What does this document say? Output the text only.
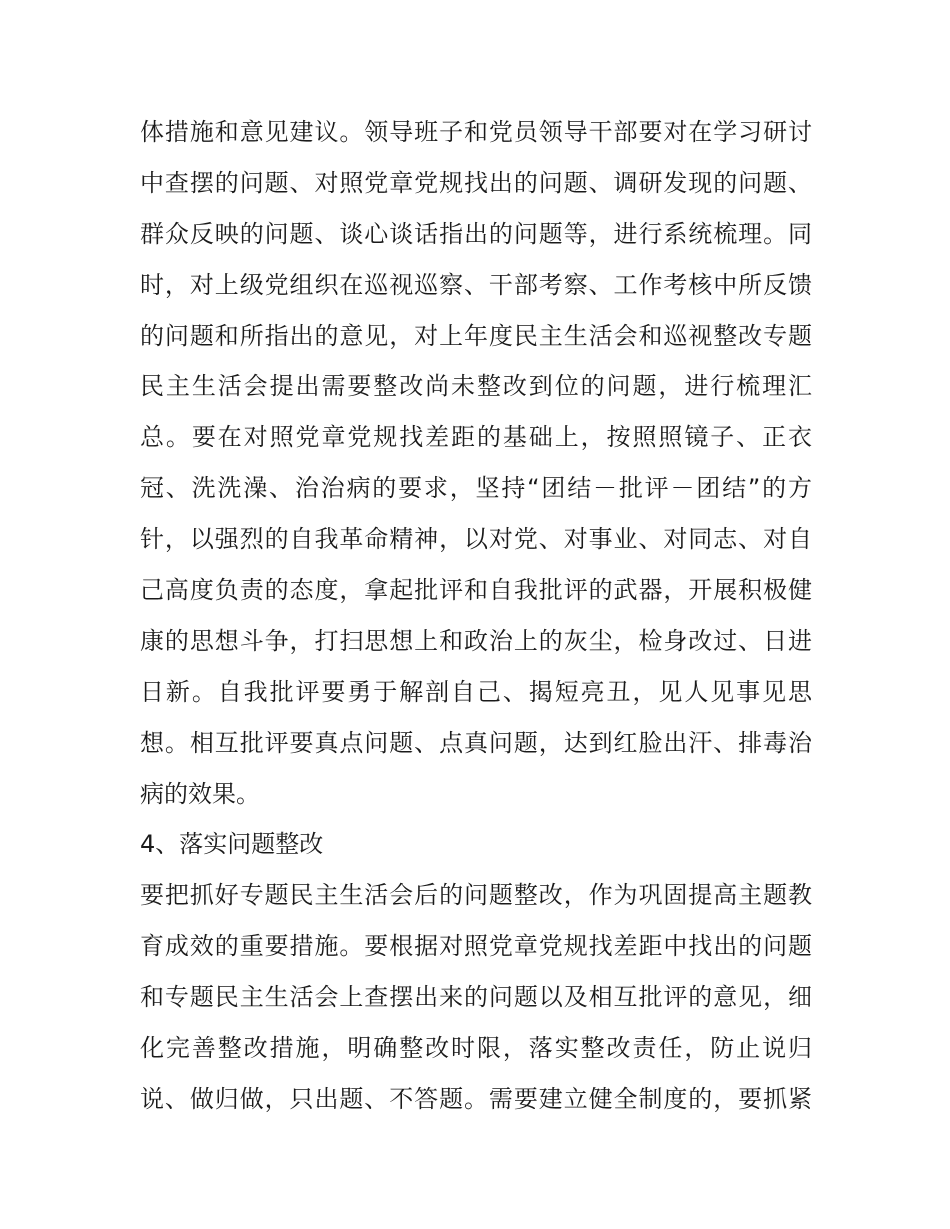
体措施和意见建议。领导班子和党员领导干部要对在学习研讨
中查摆的问题、对照党章党规找出的问题、调研发现的问题、
群众反映的问题、谈心谈话指出的问题等，进行系统梳理。同
时，对上级党组织在巡视巡察、干部考察、工作考核中所反馈
的问题和所指出的意见，对上年度民主生活会和巡视整改专题
民主生活会提出需要整改尚未整改到位的问题，进行梳理汇
总。要在对照党章党规找差距的基础上，按照照镜子、正衣
冠、洗洗澡、治治病的要求，坚持“团结－批评－团结”的方
针，以强烈的自我革命精神，以对党、对事业、对同志、对自
己高度负责的态度，拿起批评和自我批评的武器，开展积极健
康的思想斗争，打扫思想上和政治上的灰尘，检身改过、日进
日新。自我批评要勇于解剖自己、揭短亮丑，见人见事见思
想。相互批评要真点问题、点真问题，达到红脸出汗、排毒治
病的效果。
4、落实问题整改
要把抓好专题民主生活会后的问题整改，作为巩固提高主题教
育成效的重要措施。要根据对照党章党规找差距中找出的问题
和专题民主生活会上查摆出来的问题以及相互批评的意见，细
化完善整改措施，明确整改时限，落实整改责任，防止说归
说、做归做，只出题、不答题。需要建立健全制度的，要抓紧
